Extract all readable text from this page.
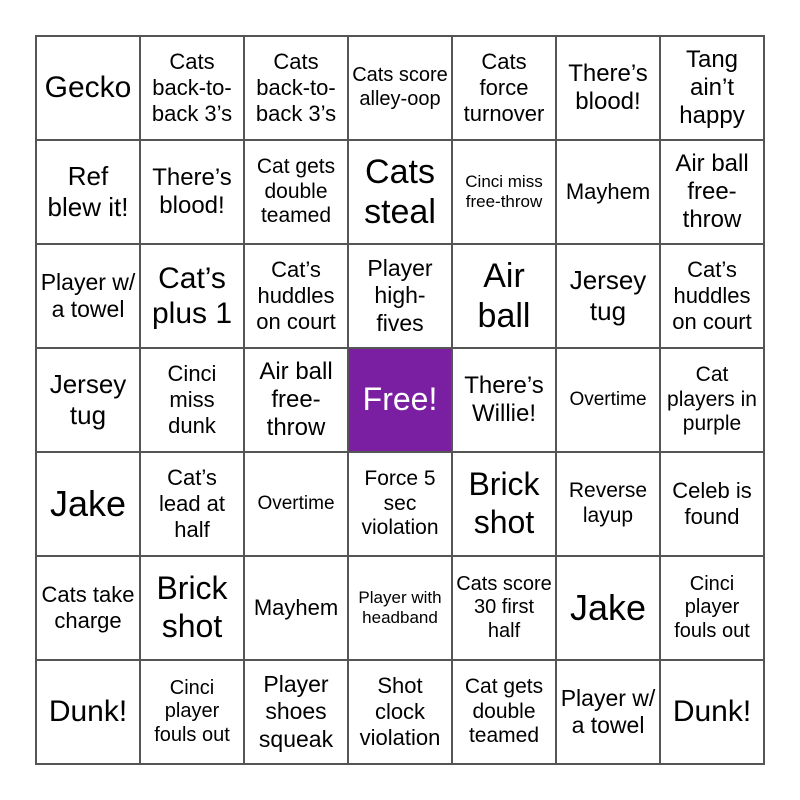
Gecko
Cats back-to-back 3’s
Cats back-to-back 3’s
Cats score alley-oop
Cats force turnover
There’s blood!
Tang ain’t happy
Ref blew it!
There’s blood!
Cat gets double teamed
Cats steal
Cinci miss free-throw	Mayhem
Air ball free-throw
Player w/ a towel
Cat’s plus 1
Cat’s huddles on court
Player high-fives
Air ball
Jersey tug
Cat’s huddles on court
Jersey tug
Cinci miss dunk
Air ball free-throw
Free!	There’s Willie!
Overtime
Cat players in purple
Jake
Cat’s lead at half
Overtime
Force 5 sec violation
Brick shot
Reverse layup
Celeb is found
Cats take charge
Brick shot
Mayhem	Player with headband
Cats score 30 first half
Jake
Cinci player fouls out
Dunk!
Cinci player fouls out
Player shoes squeak
Shot clock violation
Cat gets double teamed
Player w/ a towel Dunk!
